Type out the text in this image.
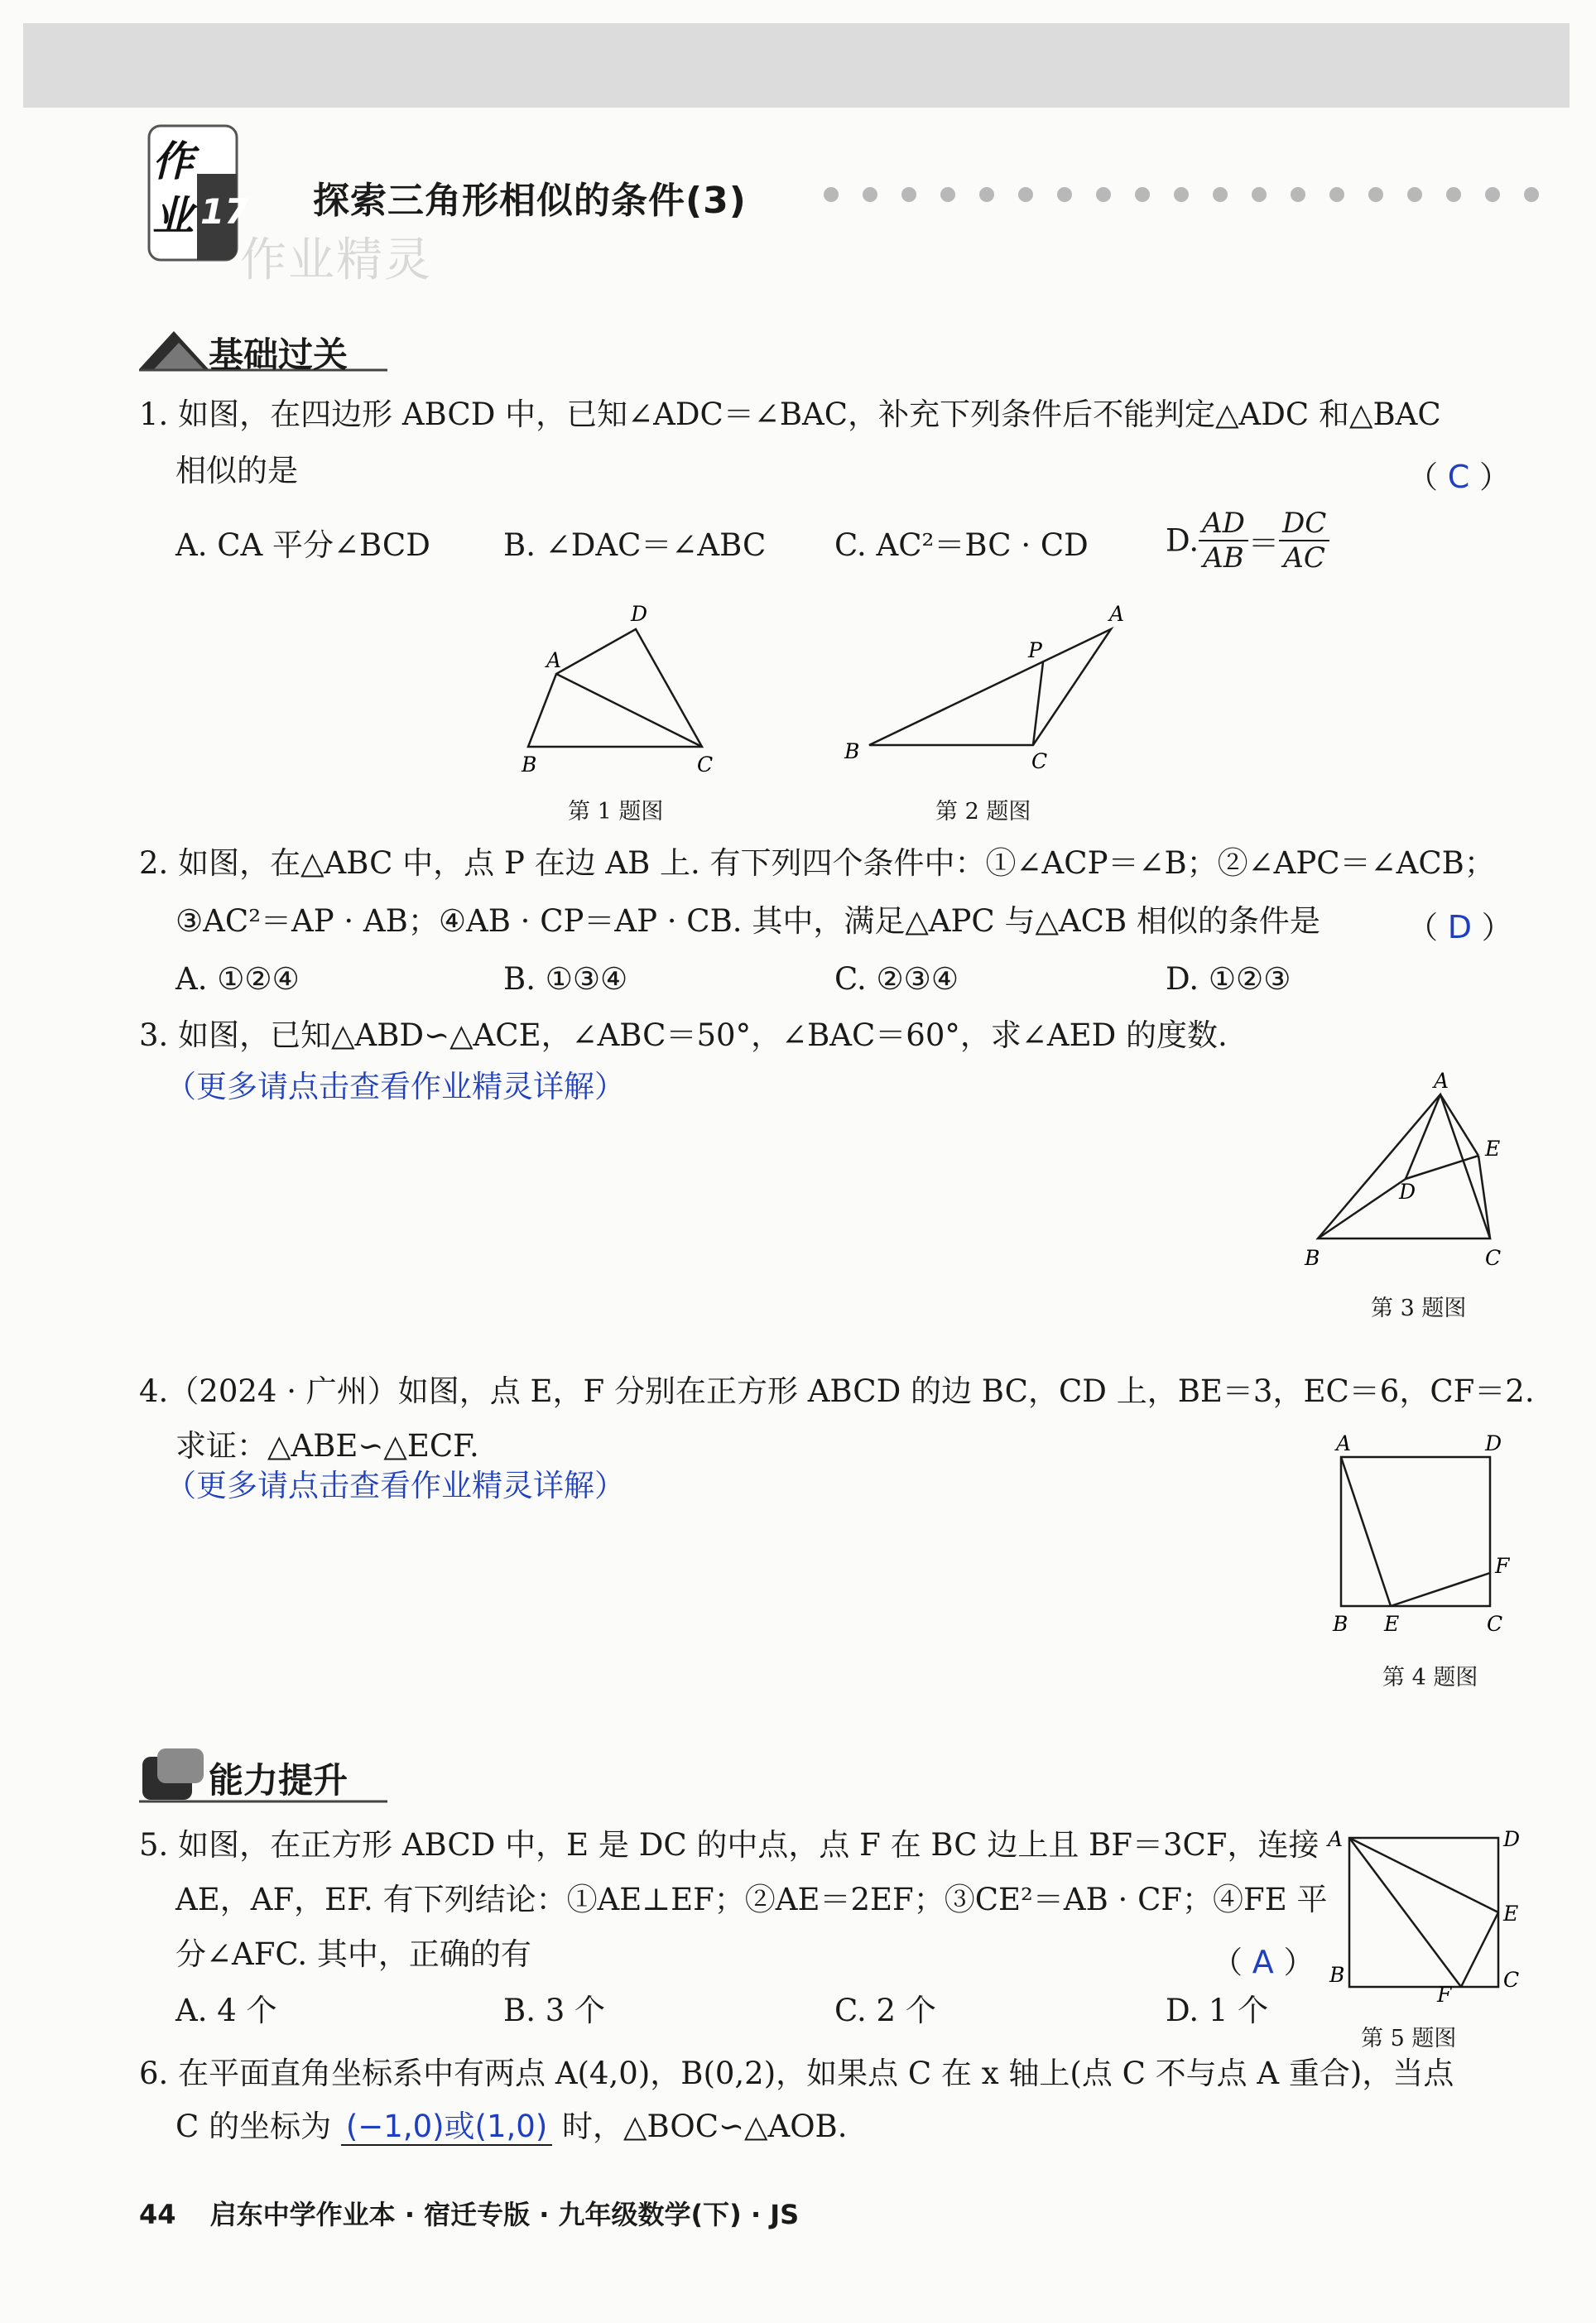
作
业 17
作业精灵
探索三角形相似的条件(3)
基础过关
1. 如图，在四边形 ABCD 中，已知∠ADC＝∠BAC，补充下列条件后不能判定△ADC 和△BAC
相似的是	（ C ）
A. CA 平分∠BCD B. ∠DAC＝∠ABC C. AC²＝BC · CD	D. $\frac{AD}{AB} = \frac{DC}{AC}$
A
D
B	C
第 1 题图
A
P
B	C
第 2 题图
2. 如图，在△ABC 中，点 P 在边 AB 上. 有下列四个条件中：①∠ACP＝∠B；②∠APC＝∠ACB；
③AC²＝AP · AB；④AB · CP＝AP · CB. 其中，满足△APC 与△ACB 相似的条件是	（ D ）
A. ①②④	B. ①③④	C. ②③④	D. ①②③
3. 如图，已知△ABD∽△ACE，∠ABC＝50°，∠BAC＝60°，求∠AED 的度数.
（更多请点击查看作业精灵详解）	A
E
D
B	C
第 3 题图
4.（2024 · 广州）如图，点 E，F 分别在正方形 ABCD 的边 BC，CD 上，BE＝3，EC＝6，CF＝2.
求证：△ABE∽△ECF.
（更多请点击查看作业精灵详解）
A	D
F
B E	C
第 4 题图
能力提升
5. 如图，在正方形 ABCD 中，E 是 DC 的中点，点 F 在 BC 边上且 BF＝3CF，连接
AE，AF，EF. 有下列结论：①AE⊥EF；②AE＝2EF；③CE²＝AB · CF；④FE 平
分∠AFC. 其中，正确的有	（ A ）
A. 4 个	B. 3 个	C. 2 个	D. 1 个
A	D
E
B
F
C
第 5 题图
6. 在平面直角坐标系中有两点 A(4,0)，B(0,2)，如果点 C 在 x 轴上(点 C 不与点 A 重合)，当点
C 的坐标为 (−1,0)或(1,0) 时，△BOC∽△AOB.
44 启东中学作业本 · 宿迁专版 · 九年级数学(下) · JS
